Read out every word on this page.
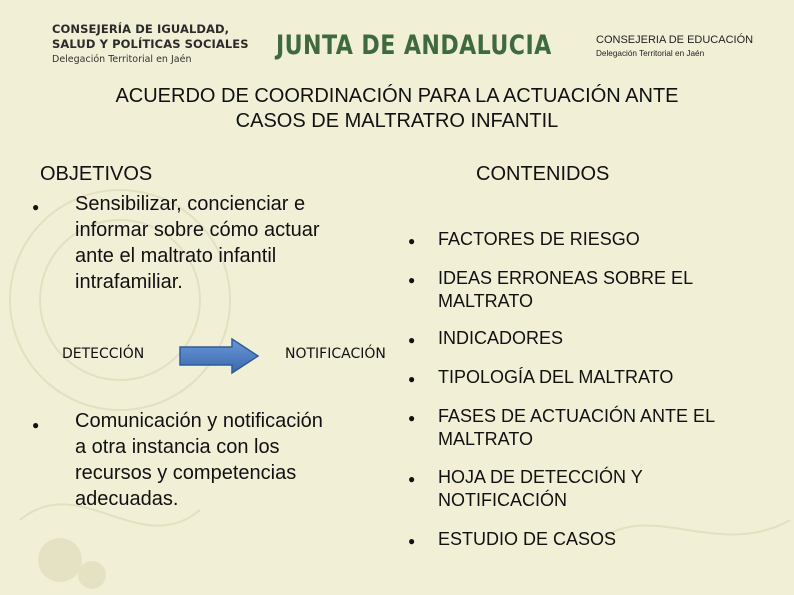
CONSEJERÍA DE IGUALDAD,
SALUD Y POLÍTICAS SOCIALES
Delegación Territorial en Jaén	JUNTA DE ANDALUCIA	CONSEJERIA DE EDUCACIÓN
Delegación Territorial en Jaén
ACUERDO DE COORDINACIÓN PARA LA ACTUACIÓN ANTE
CASOS DE MALTRATRO INFANTIL
OBJETIVOS
● Sensibilizar, concienciar e
informar sobre cómo actuar
ante el maltrato infantil
intrafamiliar.
DETECCIÓN	NOTIFICACIÓN
● Comunicación y notificación
a otra instancia con los
recursos y competencias
adecuadas.
CONTENIDOS
● FACTORES DE RIESGO
● IDEAS ERRONEAS SOBRE EL
MALTRATO
● INDICADORES
● TIPOLOGÍA DEL MALTRATO
● FASES DE ACTUACIÓN ANTE EL
MALTRATO
● HOJA DE DETECCIÓN Y
NOTIFICACIÓN
● ESTUDIO DE CASOS
